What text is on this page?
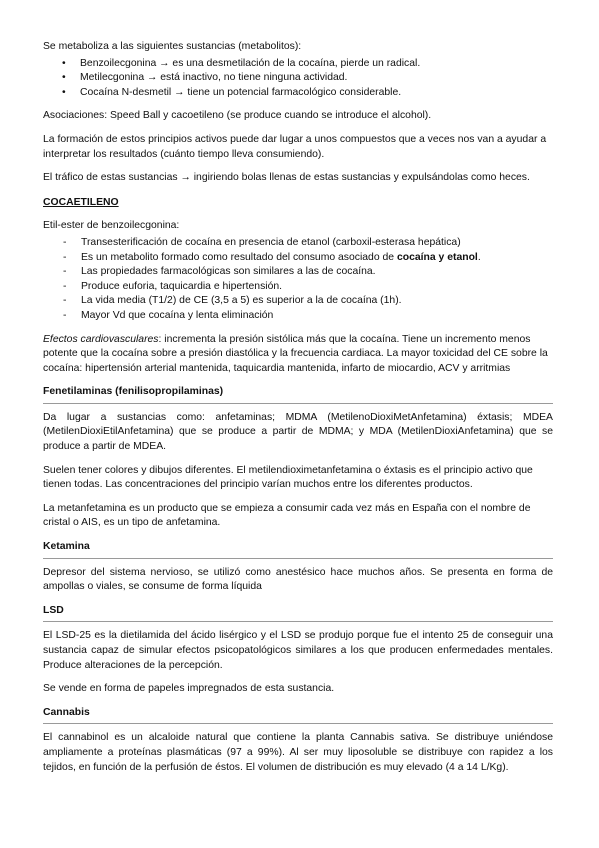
Se metaboliza a las siguientes sustancias (metabolitos):

• Benzoilecgonina → es una desmetilación de la cocaína, pierde un radical.
• Metilecgonina → está inactivo, no tiene ninguna actividad.
• Cocaína N-desmetil → tiene un potencial farmacológico considerable.

Asociaciones: Speed Ball y cacoetileno (se produce cuando se introduce el alcohol).

La formación de estos principios activos puede dar lugar a unos compuestos que a veces nos van a ayudar a interpretar los resultados (cuánto tiempo lleva consumiendo).

El tráfico de estas sustancias → ingiriendo bolas llenas de estas sustancias y expulsándolas como heces.

COCAETILENO

Etil-ester de benzoilecgonina:

- Transesterificación de cocaína en presencia de etanol (carboxil-esterasa hepática)
- Es un metabolito formado como resultado del consumo asociado de cocaína y etanol.
- Las propiedades farmacológicas son similares a las de cocaína.
- Produce euforia, taquicardia e hipertensión.
- La vida media (T1/2) de CE (3,5 a 5) es superior a la de cocaína (1h).
- Mayor Vd que cocaína y lenta eliminación

Efectos cardiovasculares: incrementa la presión sistólica más que la cocaína. Tiene un incremento menos potente que la cocaína sobre a presión diastólica y la frecuencia cardiaca. La mayor toxicidad del CE sobre la cocaína: hipertensión arterial mantenida, taquicardia mantenida, infarto de miocardio, ACV y arritmias

Fenetilaminas (fenilisopropilaminas)

Da lugar a sustancias como: anfetaminas; MDMA (MetilenoDioxiMetAnfetamina) éxtasis; MDEA (MetilenDioxiEtilAnfetamina) que se produce a partir de MDMA; y MDA (MetilenDioxiAnfetamina) que se produce a partir de MDEA.

Suelen tener colores y dibujos diferentes. El metilendioximetanfetamina o éxtasis es el principio activo que tienen todas. Las concentraciones del principio varían muchos entre los diferentes productos.

La metanfetamina es un producto que se empieza a consumir cada vez más en España con el nombre de cristal o AIS, es un tipo de anfetamina.

Ketamina

Depresor del sistema nervioso, se utilizó como anestésico hace muchos años. Se presenta en forma de ampollas o viales, se consume de forma líquida

LSD

El LSD-25 es la dietilamida del ácido lisérgico y el LSD se produjo porque fue el intento 25 de conseguir una sustancia capaz de simular efectos psicopatológicos similares a los que producen enfermedades mentales. Produce alteraciones de la percepción.

Se vende en forma de papeles impregnados de esta sustancia.

Cannabis

El cannabinol es un alcaloide natural que contiene la planta Cannabis sativa. Se distribuye uniéndose ampliamente a proteínas plasmáticas (97 a 99%). Al ser muy liposoluble se distribuye con rapidez a los tejidos, en función de la perfusión de éstos. El volumen de distribución es muy elevado (4 a 14 L/Kg).
